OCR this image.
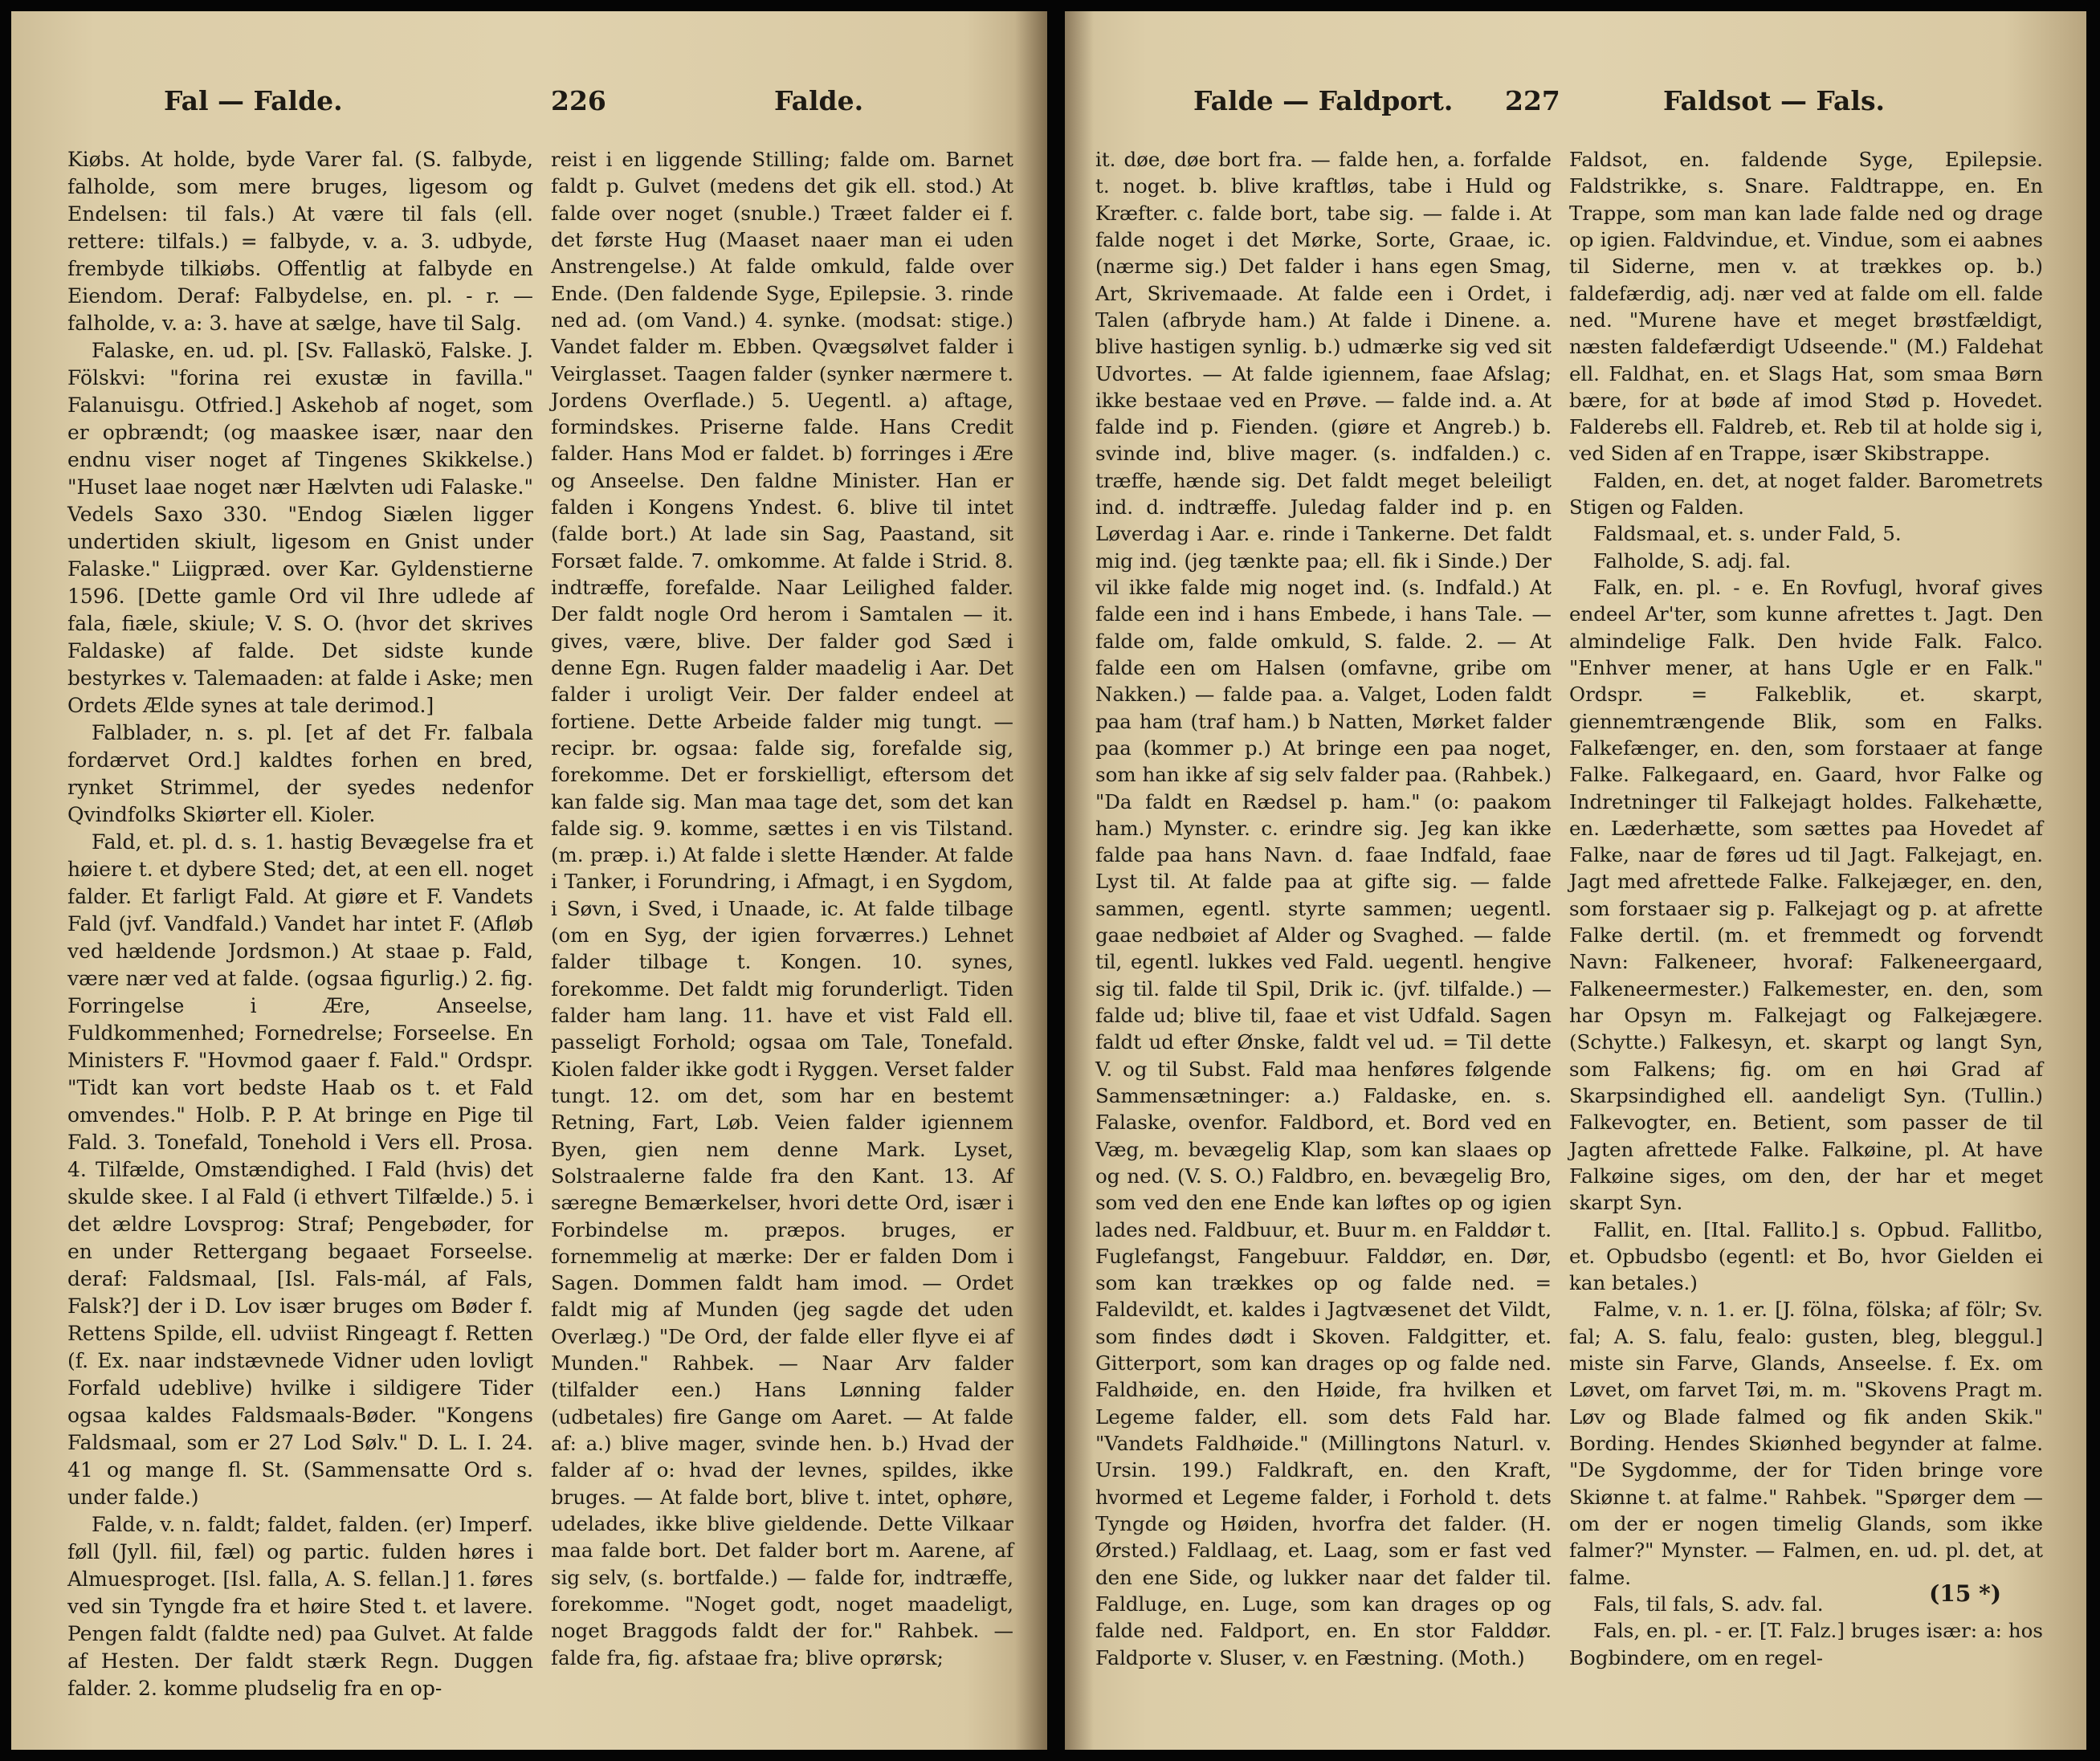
Fal — Falde.	226	Falde.

Kiøbs. At holde, byde Varer fal. (S. falbyde, falholde, som mere bruges, ligesom og Endelsen: til fals.) At være til fals (ell. rettere: tilfals.) = falbyde, v. a. 3. udbyde, frembyde tilkiøbs. Offentlig at falbyde en Eiendom. Deraf: Falbydelse, en. pl. - r. — falholde, v. a: 3. have at sælge, have til Salg.

Falaske, en. ud. pl. [Sv. Fallaskö, Falske. J. Fölskvi: "forina rei exustæ in favilla." Falanuisgu. Otfried.] Askehob af noget, som er opbrændt; (og maaskee især, naar den endnu viser noget af Tingenes Skikkelse.) "Huset laae noget nær Hælvten udi Falaske." Vedels Saxo 330. "Endog Siælen ligger undertiden skiult, ligesom en Gnist under Falaske." Liigpræd. over Kar. Gyldenstierne 1596. [Dette gamle Ord vil Ihre udlede af fala, fiæle, skiule; V. S. O. (hvor det skrives Faldaske) af falde. Det sidste kunde bestyrkes v. Talemaaden: at falde i Aske; men Ordets Ælde synes at tale derimod.]

Falblader, n. s. pl. [et af det Fr. falbala fordærvet Ord.] kaldtes forhen en bred, rynket Strimmel, der syedes nedenfor Qvindfolks Skiørter ell. Kioler.

Fald, et. pl. d. s. 1. hastig Bevægelse fra et høiere t. et dybere Sted; det, at een ell. noget falder. Et farligt Fald. At giøre et F. Vandets Fald (jvf. Vandfald.) Vandet har intet F. (Afløb ved hældende Jordsmon.) At staae p. Fald, være nær ved at falde. (ogsaa figurlig.) 2. fig. Forringelse i Ære, Anseelse, Fuldkommenhed; Fornedrelse; Forseelse. En Ministers F. "Hovmod gaaer f. Fald." Ordspr. "Tidt kan vort bedste Haab os t. et Fald omvendes." Holb. P. P. At bringe en Pige til Fald. 3. Tonefald, Tonehold i Vers ell. Prosa. 4. Tilfælde, Omstændighed. I Fald (hvis) det skulde skee. I al Fald (i ethvert Tilfælde.) 5. i det ældre Lovsprog: Straf; Pengebøder, for en under Rettergang begaaet Forseelse. deraf: Faldsmaal, [Isl. Fals-mál, af Fals, Falsk?] der i D. Lov især bruges om Bøder f. Rettens Spilde, ell. udviist Ringeagt f. Retten (f. Ex. naar indstævnede Vidner uden lovligt Forfald udeblive) hvilke i sildigere Tider ogsaa kaldes Faldsmaals-Bøder. "Kongens Faldsmaal, som er 27 Lod Sølv." D. L. I. 24. 41 og mange fl. St. (Sammensatte Ord s. under falde.)

Falde, v. n. faldt; faldet, falden. (er) Imperf. føll (Jyll. fiil, fæl) og partic. fulden høres i Almuesproget. [Isl. falla, A. S. fellan.] 1. føres ved sin Tyngde fra et høire Sted t. et lavere. Pengen faldt (faldte ned) paa Gulvet. At falde af Hesten. Der faldt stærk Regn. Duggen falder. 2. komme pludselig fra en op-

reist i en liggende Stilling; falde om. Barnet faldt p. Gulvet (medens det gik ell. stod.) At falde over noget (snuble.) Træet falder ei f. det første Hug (Maaset naaer man ei uden Anstrengelse.) At falde omkuld, falde over Ende. (Den faldende Syge, Epilepsie. 3. rinde ned ad. (om Vand.) 4. synke. (modsat: stige.) Vandet falder m. Ebben. Qvægsølvet falder i Veirglasset. Taagen falder (synker nærmere t. Jordens Overflade.) 5. Uegentl. a) aftage, formindskes. Priserne falde. Hans Credit falder. Hans Mod er faldet. b) forringes i Ære og Anseelse. Den faldne Minister. Han er falden i Kongens Yndest. 6. blive til intet (falde bort.) At lade sin Sag, Paastand, sit Forsæt falde. 7. omkomme. At falde i Strid. 8. indtræffe, forefalde. Naar Leilighed falder. Der faldt nogle Ord herom i Samtalen — it. gives, være, blive. Der falder god Sæd i denne Egn. Rugen falder maadelig i Aar. Det falder i uroligt Veir. Der falder endeel at fortiene. Dette Arbeide falder mig tungt. — recipr. br. ogsaa: falde sig, forefalde sig, forekomme. Det er forskielligt, eftersom det kan falde sig. Man maa tage det, som det kan falde sig. 9. komme, sættes i en vis Tilstand. (m. præp. i.) At falde i slette Hænder. At falde i Tanker, i Forundring, i Afmagt, i en Sygdom, i Søvn, i Sved, i Unaade, ic. At falde tilbage (om en Syg, der igien forværres.) Lehnet falder tilbage t. Kongen. 10. synes, forekomme. Det faldt mig forunderligt. Tiden falder ham lang. 11. have et vist Fald ell. passeligt Forhold; ogsaa om Tale, Tonefald. Kiolen falder ikke godt i Ryggen. Verset falder tungt. 12. om det, som har en bestemt Retning, Fart, Løb. Veien falder igiennem Byen, gien nem denne Mark. Lyset, Solstraalerne falde fra den Kant. 13. Af særegne Bemærkelser, hvori dette Ord, især i Forbindelse m. præpos. bruges, er fornemmelig at mærke: Der er falden Dom i Sagen. Dommen faldt ham imod. — Ordet faldt mig af Munden (jeg sagde det uden Overlæg.) "De Ord, der falde eller flyve ei af Munden." Rahbek. — Naar Arv falder (tilfalder een.) Hans Lønning falder (udbetales) fire Gange om Aaret. — At falde af: a.) blive mager, svinde hen. b.) Hvad der falder af o: hvad der levnes, spildes, ikke bruges. — At falde bort, blive t. intet, ophøre, udelades, ikke blive gieldende. Dette Vilkaar maa falde bort. Det falder bort m. Aarene, af sig selv, (s. bortfalde.) — falde for, indtræffe, forekomme. "Noget godt, noget maadeligt, noget Braggods faldt der for." Rahbek. — falde fra, fig. afstaae fra; blive oprørsk;

Falde — Faldport. 227	Faldsot — Fals.

it. døe, døe bort fra. — falde hen, a. forfalde t. noget. b. blive kraftløs, tabe i Huld og Kræfter. c. falde bort, tabe sig. — falde i. At falde noget i det Mørke, Sorte, Graae, ic. (nærme sig.) Det falder i hans egen Smag, Art, Skrivemaade. At falde een i Ordet, i Talen (afbryde ham.) At falde i Dinene. a. blive hastigen synlig. b.) udmærke sig ved sit Udvortes. — At falde igiennem, faae Afslag; ikke bestaae ved en Prøve. — falde ind. a. At falde ind p. Fienden. (giøre et Angreb.) b. svinde ind, blive mager. (s. indfalden.) c. træffe, hænde sig. Det faldt meget beleiligt ind. d. indtræffe. Juledag falder ind p. en Løverdag i Aar. e. rinde i Tankerne. Det faldt mig ind. (jeg tænkte paa; ell. fik i Sinde.) Der vil ikke falde mig noget ind. (s. Indfald.) At falde een ind i hans Embede, i hans Tale. — falde om, falde omkuld, S. falde. 2. — At falde een om Halsen (omfavne, gribe om Nakken.) — falde paa. a. Valget, Loden faldt paa ham (traf ham.) b Natten, Mørket falder paa (kommer p.) At bringe een paa noget, som han ikke af sig selv falder paa. (Rahbek.) "Da faldt en Rædsel p. ham." (o: paakom ham.) Mynster. c. erindre sig. Jeg kan ikke falde paa hans Navn. d. faae Indfald, faae Lyst til. At falde paa at gifte sig. — falde sammen, egentl. styrte sammen; uegentl. gaae nedbøiet af Alder og Svaghed. — falde til, egentl. lukkes ved Fald. uegentl. hengive sig til. falde til Spil, Drik ic. (jvf. tilfalde.) — falde ud; blive til, faae et vist Udfald. Sagen faldt ud efter Ønske, faldt vel ud. = Til dette V. og til Subst. Fald maa henføres følgende Sammensætninger: a.) Faldaske, en. s. Falaske, ovenfor. Faldbord, et. Bord ved en Væg, m. bevægelig Klap, som kan slaaes op og ned. (V. S. O.) Faldbro, en. bevægelig Bro, som ved den ene Ende kan løftes op og igien lades ned. Faldbuur, et. Buur m. en Falddør t. Fuglefangst, Fangebuur. Falddør, en. Dør, som kan trækkes op og falde ned. = Faldevildt, et. kaldes i Jagtvæsenet det Vildt, som findes dødt i Skoven. Faldgitter, et. Gitterport, som kan drages op og falde ned. Faldhøide, en. den Høide, fra hvilken et Legeme falder, ell. som dets Fald har. "Vandets Faldhøide." (Millingtons Naturl. v. Ursin. 199.) Faldkraft, en. den Kraft, hvormed et Legeme falder, i Forhold t. dets Tyngde og Høiden, hvorfra det falder. (H. Ørsted.) Faldlaag, et. Laag, som er fast ved den ene Side, og lukker naar det falder til. Faldluge, en. Luge, som kan drages op og falde ned. Faldport, en. En stor Falddør. Faldporte v. Sluser, v. en Fæstning. (Moth.)

Faldsot, en. faldende Syge, Epilepsie. Faldstrikke, s. Snare. Faldtrappe, en. En Trappe, som man kan lade falde ned og drage op igien. Faldvindue, et. Vindue, som ei aabnes til Siderne, men v. at trækkes op. b.) faldefærdig, adj. nær ved at falde om ell. falde ned. "Murene have et meget brøstfældigt, næsten faldefærdigt Udseende." (M.) Faldehat ell. Faldhat, en. et Slags Hat, som smaa Børn bære, for at bøde af imod Stød p. Hovedet. Falderebs ell. Faldreb, et. Reb til at holde sig i, ved Siden af en Trappe, især Skibstrappe.

Falden, en. det, at noget falder. Barometrets Stigen og Falden.

Faldsmaal, et. s. under Fald, 5.

Falholde, S. adj. fal.

Falk, en. pl. - e. En Rovfugl, hvoraf gives endeel Ar'ter, som kunne afrettes t. Jagt. Den almindelige Falk. Den hvide Falk. Falco. "Enhver mener, at hans Ugle er en Falk." Ordspr. = Falkeblik, et. skarpt, giennemtrængende Blik, som en Falks. Falkefænger, en. den, som forstaaer at fange Falke. Falkegaard, en. Gaard, hvor Falke og Indretninger til Falkejagt holdes. Falkehætte, en. Læderhætte, som sættes paa Hovedet af Falke, naar de føres ud til Jagt. Falkejagt, en. Jagt med afrettede Falke. Falkejæger, en. den, som forstaaer sig p. Falkejagt og p. at afrette Falke dertil. (m. et fremmedt og forvendt Navn: Falkeneer, hvoraf: Falkeneergaard, Falkeneermester.) Falkemester, en. den, som har Opsyn m. Falkejagt og Falkejægere. (Schytte.) Falkesyn, et. skarpt og langt Syn, som Falkens; fig. om en høi Grad af Skarpsindighed ell. aandeligt Syn. (Tullin.) Falkevogter, en. Betient, som passer de til Jagten afrettede Falke. Falkøine, pl. At have Falkøine siges, om den, der har et meget skarpt Syn.

Fallit, en. [Ital. Fallito.] s. Opbud. Fallitbo, et. Opbudsbo (egentl: et Bo, hvor Gielden ei kan betales.)

Falme, v. n. 1. er. [J. fölna, fölska; af fölr; Sv. fal; A. S. falu, fealo: gusten, bleg, bleggul.] miste sin Farve, Glands, Anseelse. f. Ex. om Løvet, om farvet Tøi, m. m. "Skovens Pragt m. Løv og Blade falmed og fik anden Skik." Bording. Hendes Skiønhed begynder at falme. "De Sygdomme, der for Tiden bringe vore Skiønne t. at falme." Rahbek. "Spørger dem — om der er nogen timelig Glands, som ikke falmer?" Mynster. — Falmen, en. ud. pl. det, at falme.

Fals, til fals, S. adv. fal.

Fals, en. pl. - er. [T. Falz.] bruges især: a: hos Bogbindere, om en regel-

(15 *)
